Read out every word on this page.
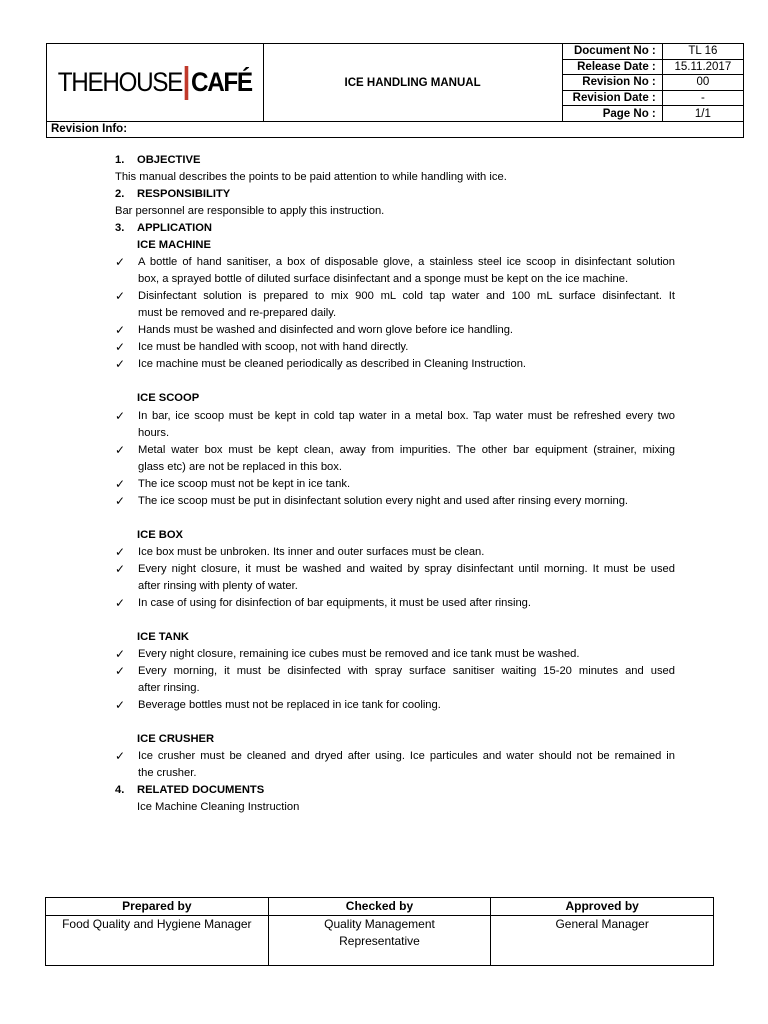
THEHOUSE CAFÉ	ICE HANDLING MANUAL	Document No :	TL 16
		Release Date :	15.11.2017
		Revision No :	00
		Revision Date :	-
		Page No :	1/1
Revision Info:			
1. OBJECTIVE
This manual describes the points to be paid attention to while handling with ice.
2. RESPONSIBILITY
Bar personnel are responsible to apply this instruction.
3. APPLICATION
ICE MACHINE
✓ A bottle of hand sanitiser, a box of disposable glove, a stainless steel ice scoop in disinfectant solution
box, a sprayed bottle of diluted surface disinfectant and a sponge must be kept on the ice machine.
✓ Disinfectant solution is prepared to mix 900 mL cold tap water and 100 mL surface disinfectant. It
must be removed and re-prepared daily.
✓ Hands must be washed and disinfected and worn glove before ice handling.
✓ Ice must be handled with scoop, not with hand directly.
✓ Ice machine must be cleaned periodically as described in Cleaning Instruction.
ICE SCOOP
✓ In bar, ice scoop must be kept in cold tap water in a metal box. Tap water must be refreshed every two
hours.
✓ Metal water box must be kept clean, away from impurities. The other bar equipment (strainer, mixing
glass etc) are not be replaced in this box.
✓ The ice scoop must not be kept in ice tank.
✓ The ice scoop must be put in disinfectant solution every night and used after rinsing every morning.
ICE BOX
✓ Ice box must be unbroken. Its inner and outer surfaces must be clean.
✓ Every night closure, it must be washed and waited by spray disinfectant until morning. It must be used
after rinsing with plenty of water.
✓ In case of using for disinfection of bar equipments, it must be used after rinsing.
ICE TANK
✓ Every night closure, remaining ice cubes must be removed and ice tank must be washed.
✓ Every morning, it must be disinfected with spray surface sanitiser waiting 15-20 minutes and used
after rinsing.
✓ Beverage bottles must not be replaced in ice tank for cooling.
ICE CRUSHER
✓ Ice crusher must be cleaned and dryed after using. Ice particules and water should not be remained in
the crusher.
4. RELATED DOCUMENTS
Ice Machine Cleaning Instruction
Prepared by	Checked by	Approved by
Food Quality and Hygiene Manager	Quality Management Representative	General Manager
